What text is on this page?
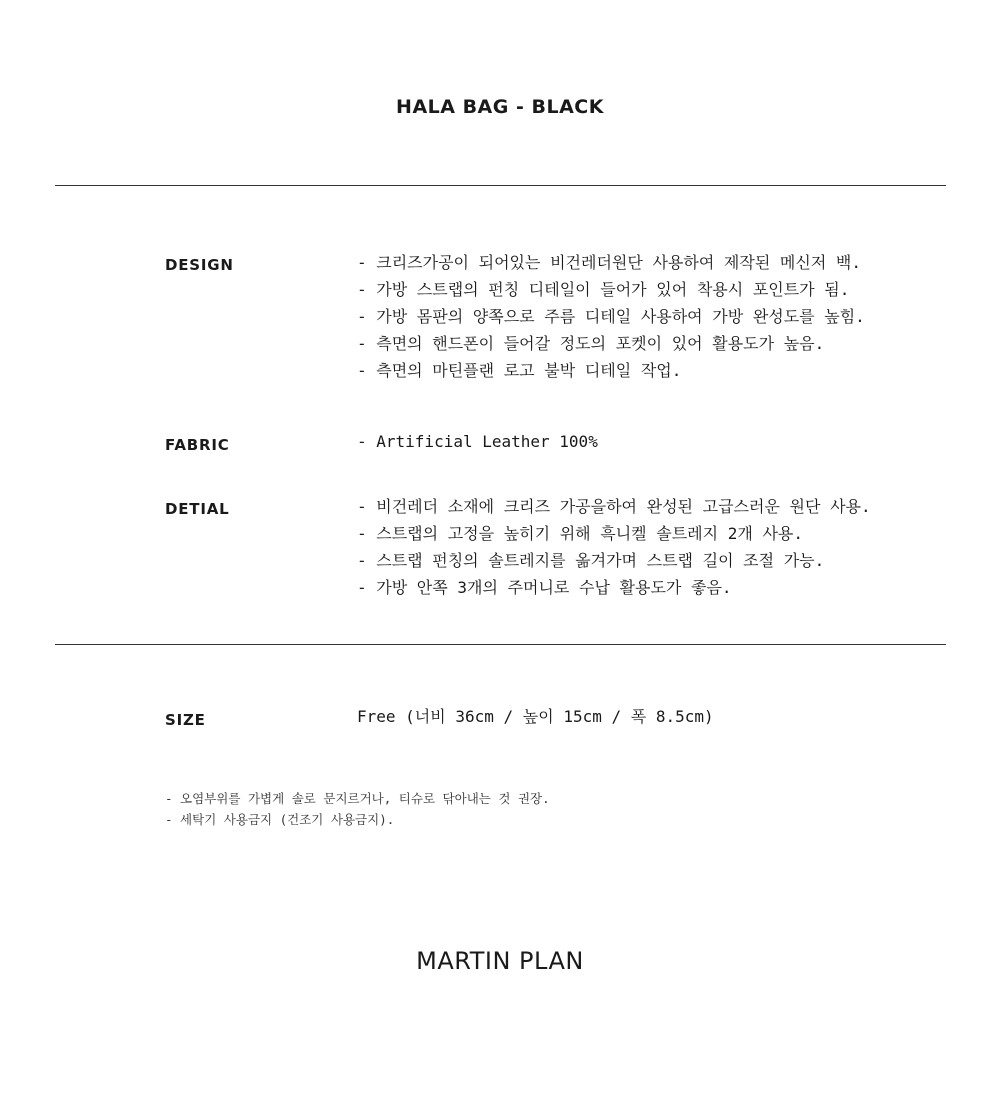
HALA BAG - BLACK
DESIGN	- 크리즈가공이 되어있는 비건레더원단 사용하여 제작된 메신저 백.
- 가방 스트랩의 펀칭 디테일이 들어가 있어 착용시 포인트가 됨.
- 가방 몸판의 양쪽으로 주름 디테일 사용하여 가방 완성도를 높힘.
- 측면의 핸드폰이 들어갈 정도의 포켓이 있어 활용도가 높음.
- 측면의 마틴플랜 로고 불박 디테일 작업.
FABRIC	- Artificial Leather 100%
DETIAL	- 비건레더 소재에 크리즈 가공을하여 완성된 고급스러운 원단 사용.
- 스트랩의 고정을 높히기 위해 흑니켈 솔트레지 2개 사용.
- 스트랩 펀칭의 솔트레지를 옮겨가며 스트랩 길이 조절 가능.
- 가방 안쪽 3개의 주머니로 수납 활용도가 좋음.
SIZE	Free (너비 36cm / 높이 15cm / 폭 8.5cm)
- 오염부위를 가볍게 솔로 문지르거나, 티슈로 닦아내는 것 권장.
- 세탁기 사용금지 (건조기 사용금지).
MARTIN PLAN
